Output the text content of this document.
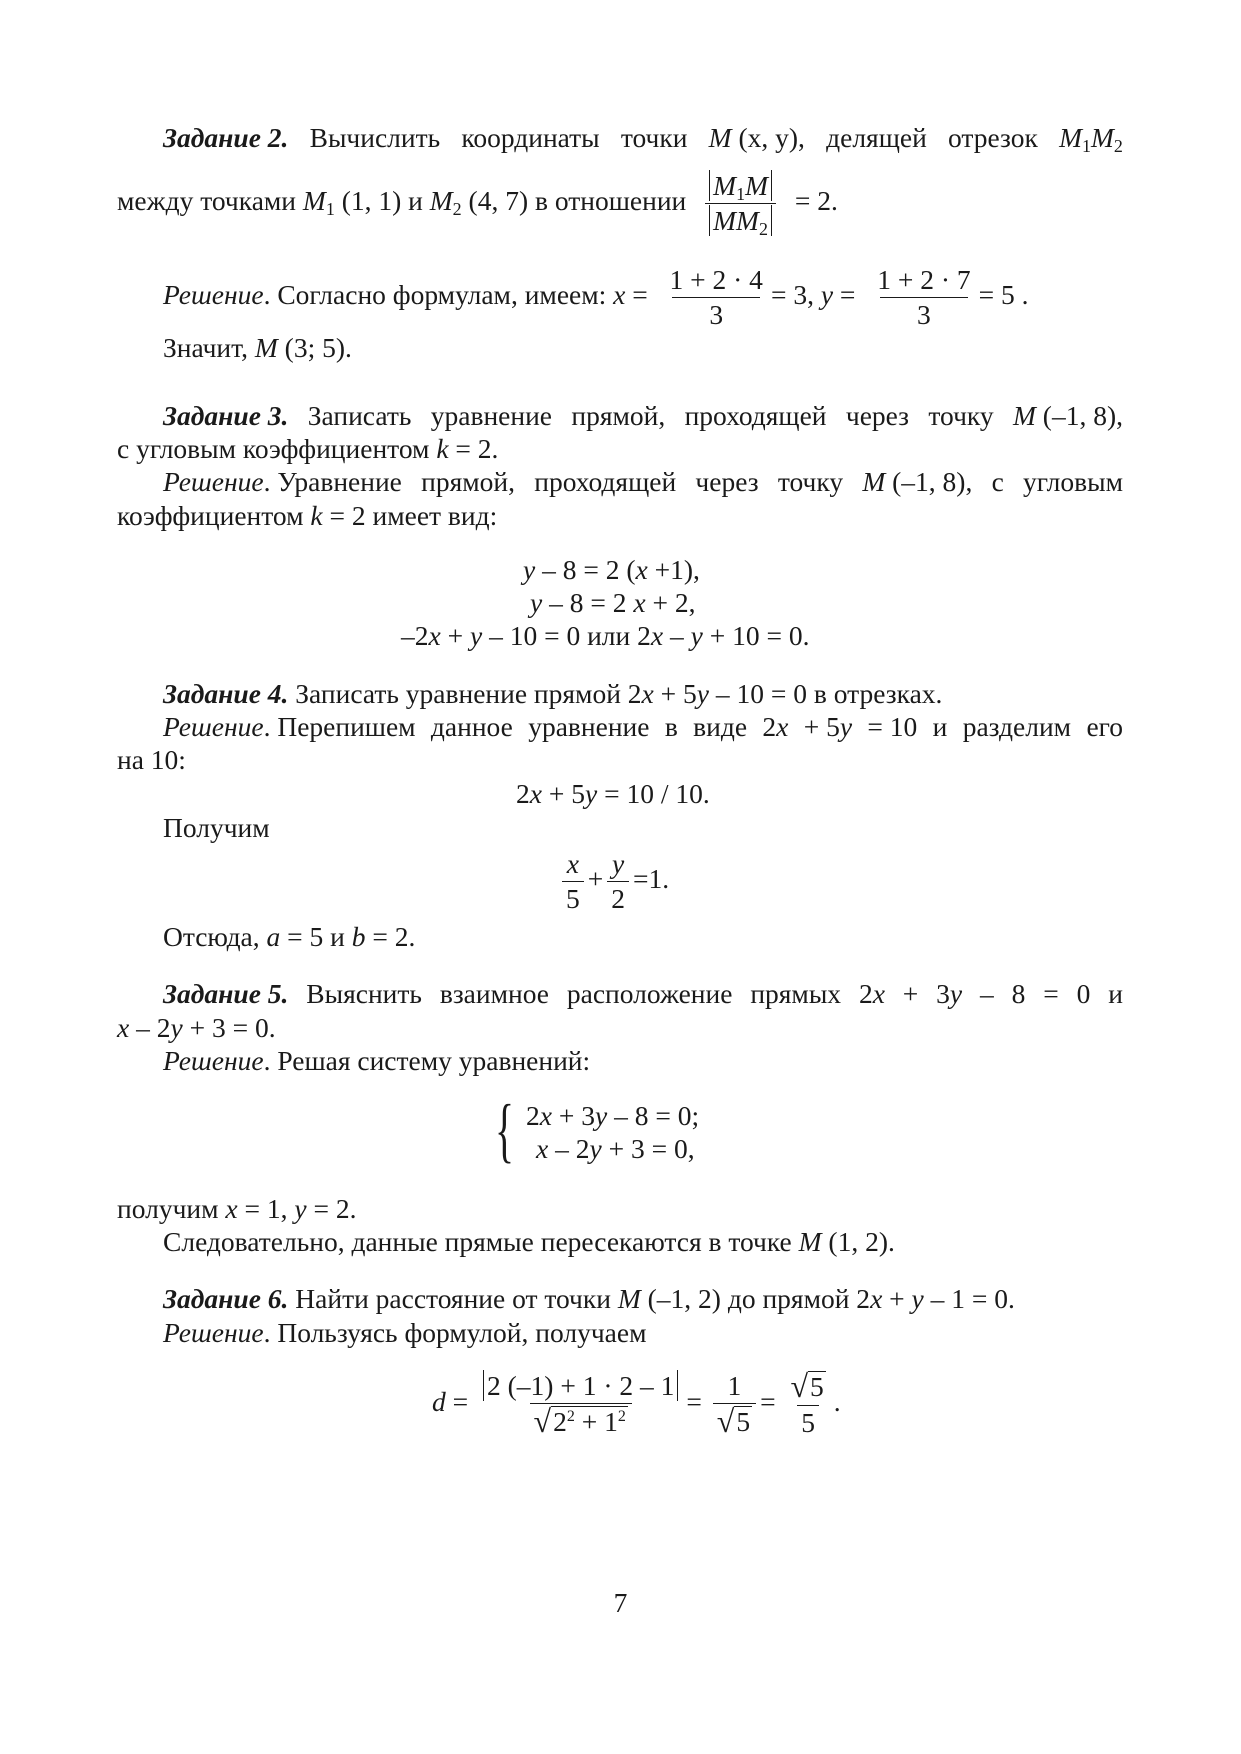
Задание 2. Вычислить координаты точки M (x, y), делящей отрезок $M_1M_2$
между точками $M_1$ (1, 1) и $M_2$ (4, 7) в отношении $\frac{M_1M}{MM_2} = 2$.
Решение. Согласно формулам, имеем: $x = \frac{1 + 2 \cdot 4}{3} = 3$, $y = \frac{1 + 2 \cdot 7}{3} = 5$ .
Значит, M (3; 5).
Задание 3. Записать уравнение прямой, проходящей через точку M (–1, 8),
с угловым коэффициентом k = 2.
Решение. Уравнение прямой, проходящей через точку M (–1, 8), с угловым
коэффициентом k = 2 имеет вид:
y – 8 = 2 (x +1),
y – 8 = 2 x + 2,
–2x + y – 10 = 0 или 2x – y + 10 = 0.
Задание 4. Записать уравнение прямой 2x + 5y – 10 = 0 в отрезках.
Решение. Перепишем данное уравнение в виде 2x + 5y = 10 и разделим его
на 10:
2x + 5y = 10 / 10.
Получим
$\frac{x}{5} + \frac{y}{2} =1$.
Отсюда, a = 5 и b = 2.
Задание 5. Выяснить взаимное расположение прямых 2x + 3y – 8 = 0 и
x – 2y + 3 = 0.
Решение. Решая систему уравнений:
{ 2x + 3y – 8 = 0;
x – 2y + 3 = 0,
получим x = 1, y = 2.
Следовательно, данные прямые пересекаются в точке M (1, 2).
Задание 6. Найти расстояние от точки M (–1, 2) до прямой 2x + y – 1 = 0.
Решение. Пользуясь формулой, получаем
$d = \frac{2 (-1) + 1 \cdot 2 - 1}{√ 2^2 + 1^2} = \frac{1}{√ 5} = \frac{√ 5}{5}$ .
7
